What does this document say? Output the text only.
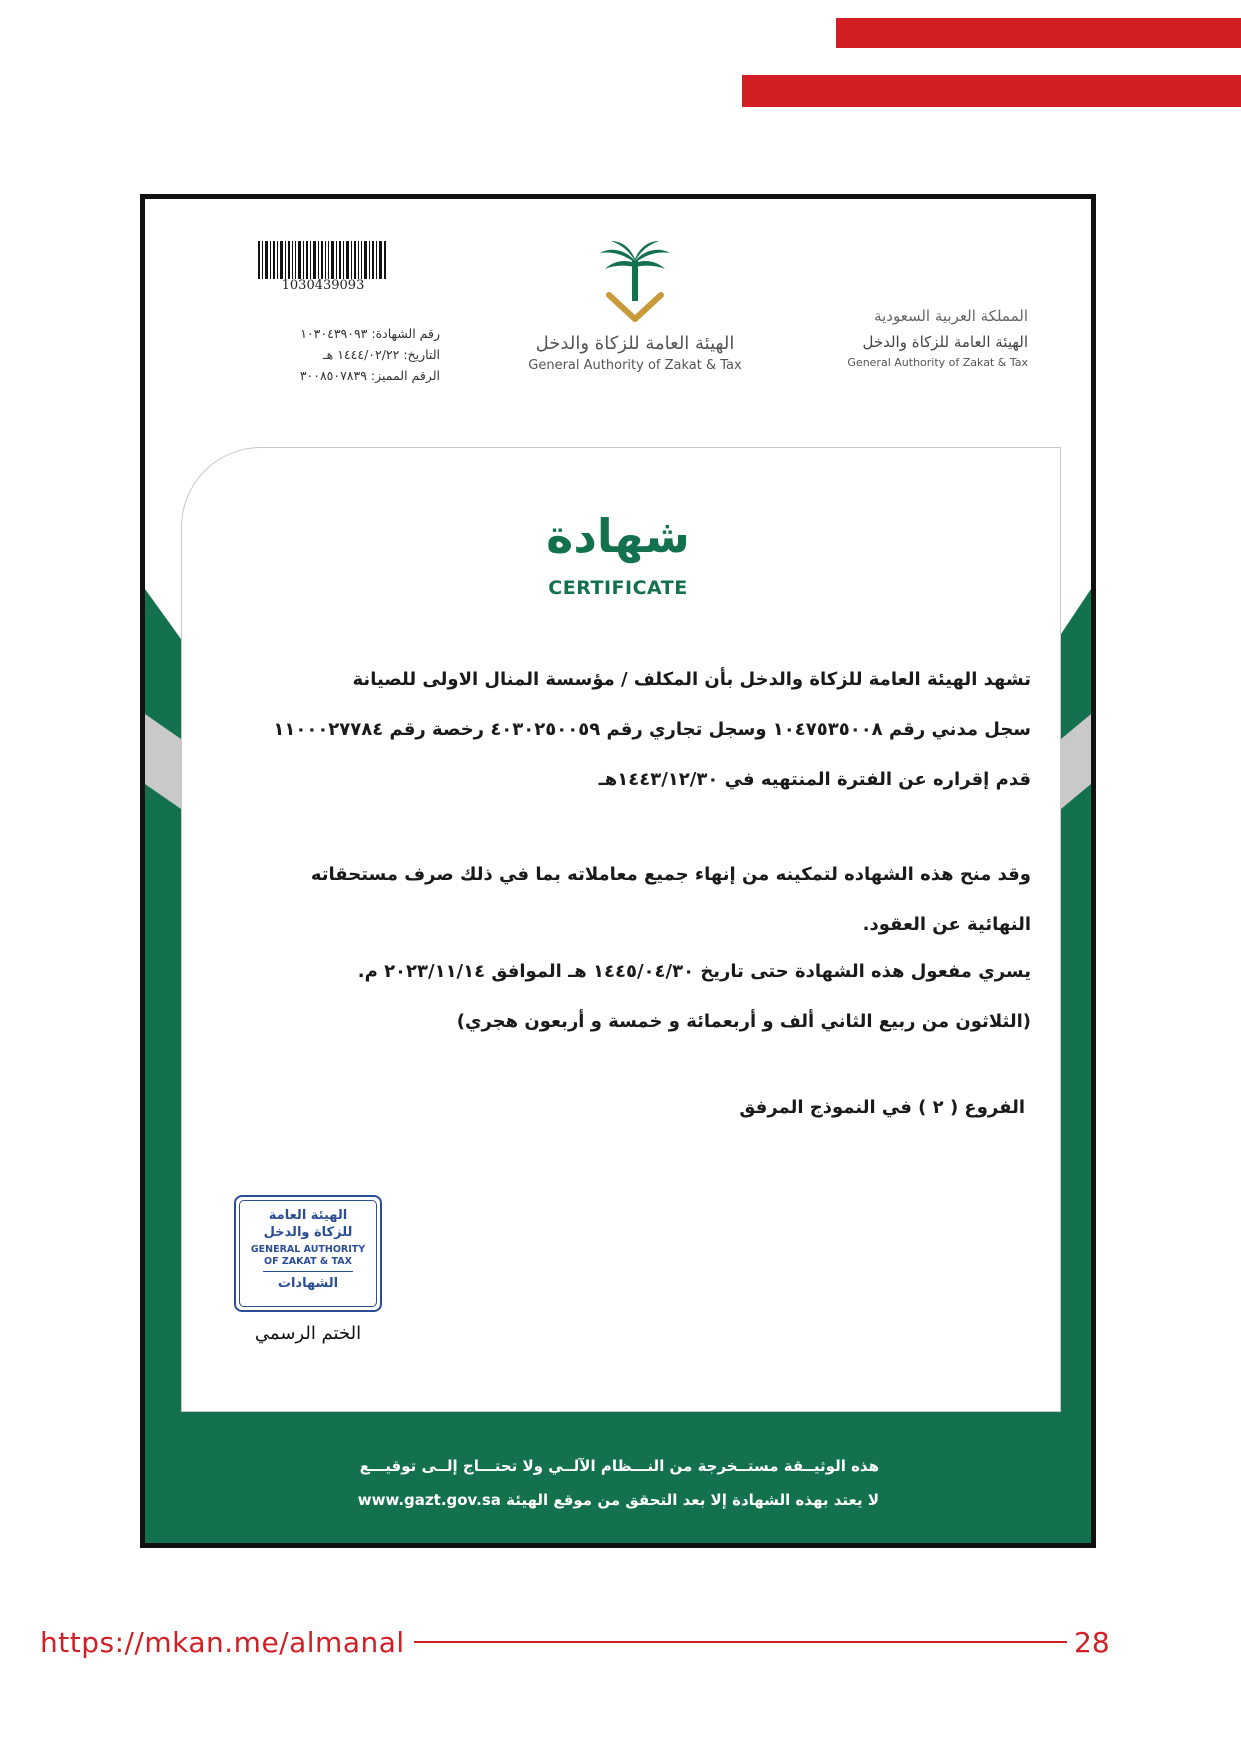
1030439093
رقم الشهادة: ١٠٣٠٤٣٩٠٩٣
التاريخ: ١٤٤٤/٠٢/٢٢ هـ
الرقم المميز: ٣٠٠٨٥٠٧٨٣٩
الهيئة العامة للزكاة والدخل
General Authority of Zakat & Tax
المملكة العربية السعودية
الهيئة العامة للزكاة والدخل
General Authority of Zakat & Tax
شهادة
CERTIFICATE
تشهد الهيئة العامة للزكاة والدخل بأن المكلف / مؤسسة المنال الاولى للصيانة
سجل مدني رقم ١٠٤٧٥٣٥٠٠٨ وسجل تجاري رقم ٤٠٣٠٢٥٠٠٥٩ رخصة رقم ١١٠٠٠٢٧٧٨٤
قدم إقراره عن الفترة المنتهيه في ١٤٤٣/١٢/٣٠هـ
وقد منح هذه الشهاده لتمكينه من إنهاء جميع معاملاته بما في ذلك صرف مستحقاته
النهائية عن العقود.
يسري مفعول هذه الشهادة حتى تاريخ ١٤٤٥/٠٤/٣٠ هـ الموافق ٢٠٢٣/١١/١٤ م.
(الثلاثون من ربيع الثاني ألف و أربعمائة و خمسة و أربعون هجري)
الفروع ( ٢ ) في النموذج المرفق
الهيئة العامة
للزكاة والدخل
GENERAL AUTHORITY
OF ZAKAT & TAX
الشهادات
الختم الرسمي
هذه الوثيــقة مستــخرجة من النـــظام الآلــي ولا تحتـــاج إلــى توقيـــع
لا يعتد بهذه الشهادة إلا بعد التحقق من موقع الهيئة www.gazt.gov.sa
https://mkan.me/almanal	28
